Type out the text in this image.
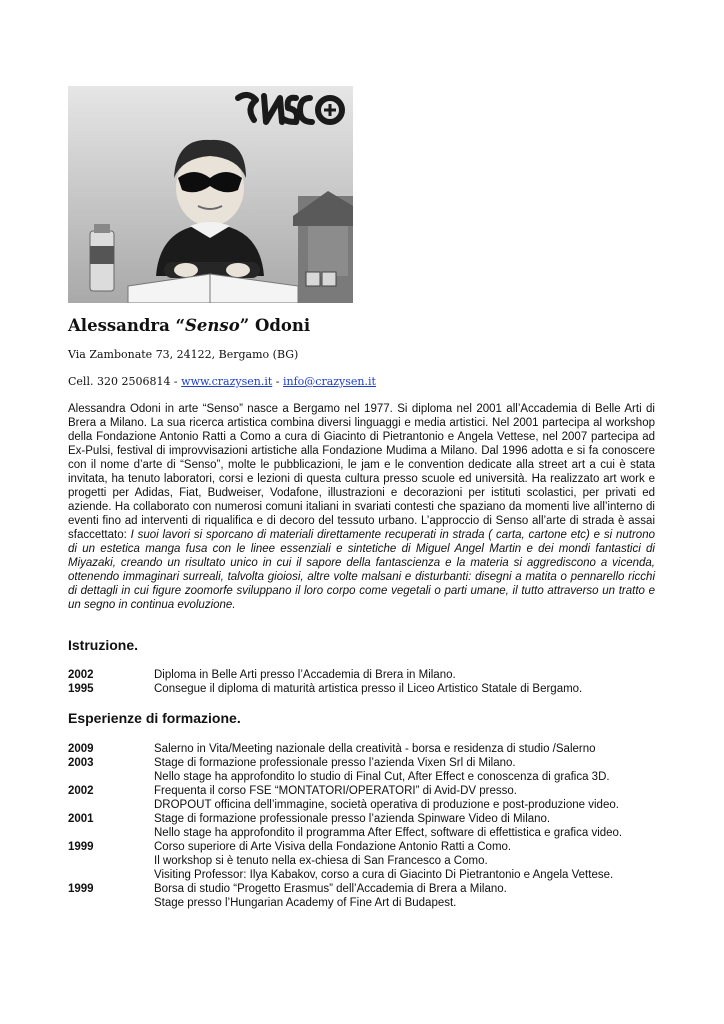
Alessandra “Senso” Odoni
Via Zambonate 73, 24122, Bergamo (BG)
Cell. 320 2506814 - www.crazysen.it - info@crazysen.it
Alessandra Odoni in arte “Senso” nasce a Bergamo nel 1977. Si diploma nel 2001 all’Accademia di Belle Arti di Brera a Milano. La sua ricerca artistica combina diversi linguaggi e media artistici. Nel 2001 partecipa al workshop della Fondazione Antonio Ratti a Como a cura di Giacinto di Pietrantonio e Angela Vettese, nel 2007 partecipa ad Ex-Pulsi, festival di improvvisazioni artistiche alla Fondazione Mudima a Milano. Dal 1996 adotta e si fa conoscere con il nome d’arte di “Senso”, molte le pubblicazioni, le jam e le convention dedicate alla street art a cui è stata invitata, ha tenuto laboratori, corsi e lezioni di questa cultura presso scuole ed università. Ha realizzato art work e progetti per Adidas, Fiat, Budweiser, Vodafone, illustrazioni e decorazioni per istituti scolastici, per privati ed aziende. Ha collaborato con numerosi comuni italiani in svariati contesti che spaziano da momenti live all’interno di eventi fino ad interventi di riqualifica e di decoro del tessuto urbano. L’approccio di Senso all’arte di strada è assai sfaccettato: I suoi lavori si sporcano di materiali direttamente recuperati in strada ( carta, cartone etc) e si nutrono di un estetica manga fusa con le linee essenziali e sintetiche di Miguel Angel Martin e dei mondi fantastici di Miyazaki, creando un risultato unico in cui il sapore della fantascienza e la materia si aggrediscono a vicenda, ottenendo immaginari surreali, talvolta gioiosi, altre volte malsani e disturbanti: disegni a matita o pennarello ricchi di dettagli in cui figure zoomorfe sviluppano il loro corpo come vegetali o parti umane, il tutto attraverso un tratto e un segno in continua evoluzione.
Istruzione.
2002	Diploma in Belle Arti presso l’Accademia di Brera in Milano.
1995	Consegue il diploma di maturità artistica presso il Liceo Artistico Statale di Bergamo.
Esperienze di formazione.
2009	Salerno in Vita/Meeting nazionale della creatività - borsa e residenza di studio /Salerno
2003	Stage di formazione professionale presso l’azienda Vixen Srl di Milano.
Nello stage ha approfondito lo studio di Final Cut, After Effect e conoscenza di grafica 3D.
2002	Frequenta il corso FSE “MONTATORI/OPERATORI” di Avid-DV presso.
DROPOUT officina dell’immagine, società operativa di produzione e post-produzione video.
2001	Stage di formazione professionale presso l’azienda Spinware Video di Milano.
Nello stage ha approfondito il programma After Effect, software di effettistica e grafica video.
1999	Corso superiore di Arte Visiva della Fondazione Antonio Ratti a Como.
Il workshop si è tenuto nella ex-chiesa di San Francesco a Como.
Visiting Professor: Ilya Kabakov, corso a cura di Giacinto Di Pietrantonio e Angela Vettese.
1999	Borsa di studio “Progetto Erasmus” dell’Accademia di Brera a Milano.
Stage presso l’Hungarian Academy of Fine Art di Budapest.
